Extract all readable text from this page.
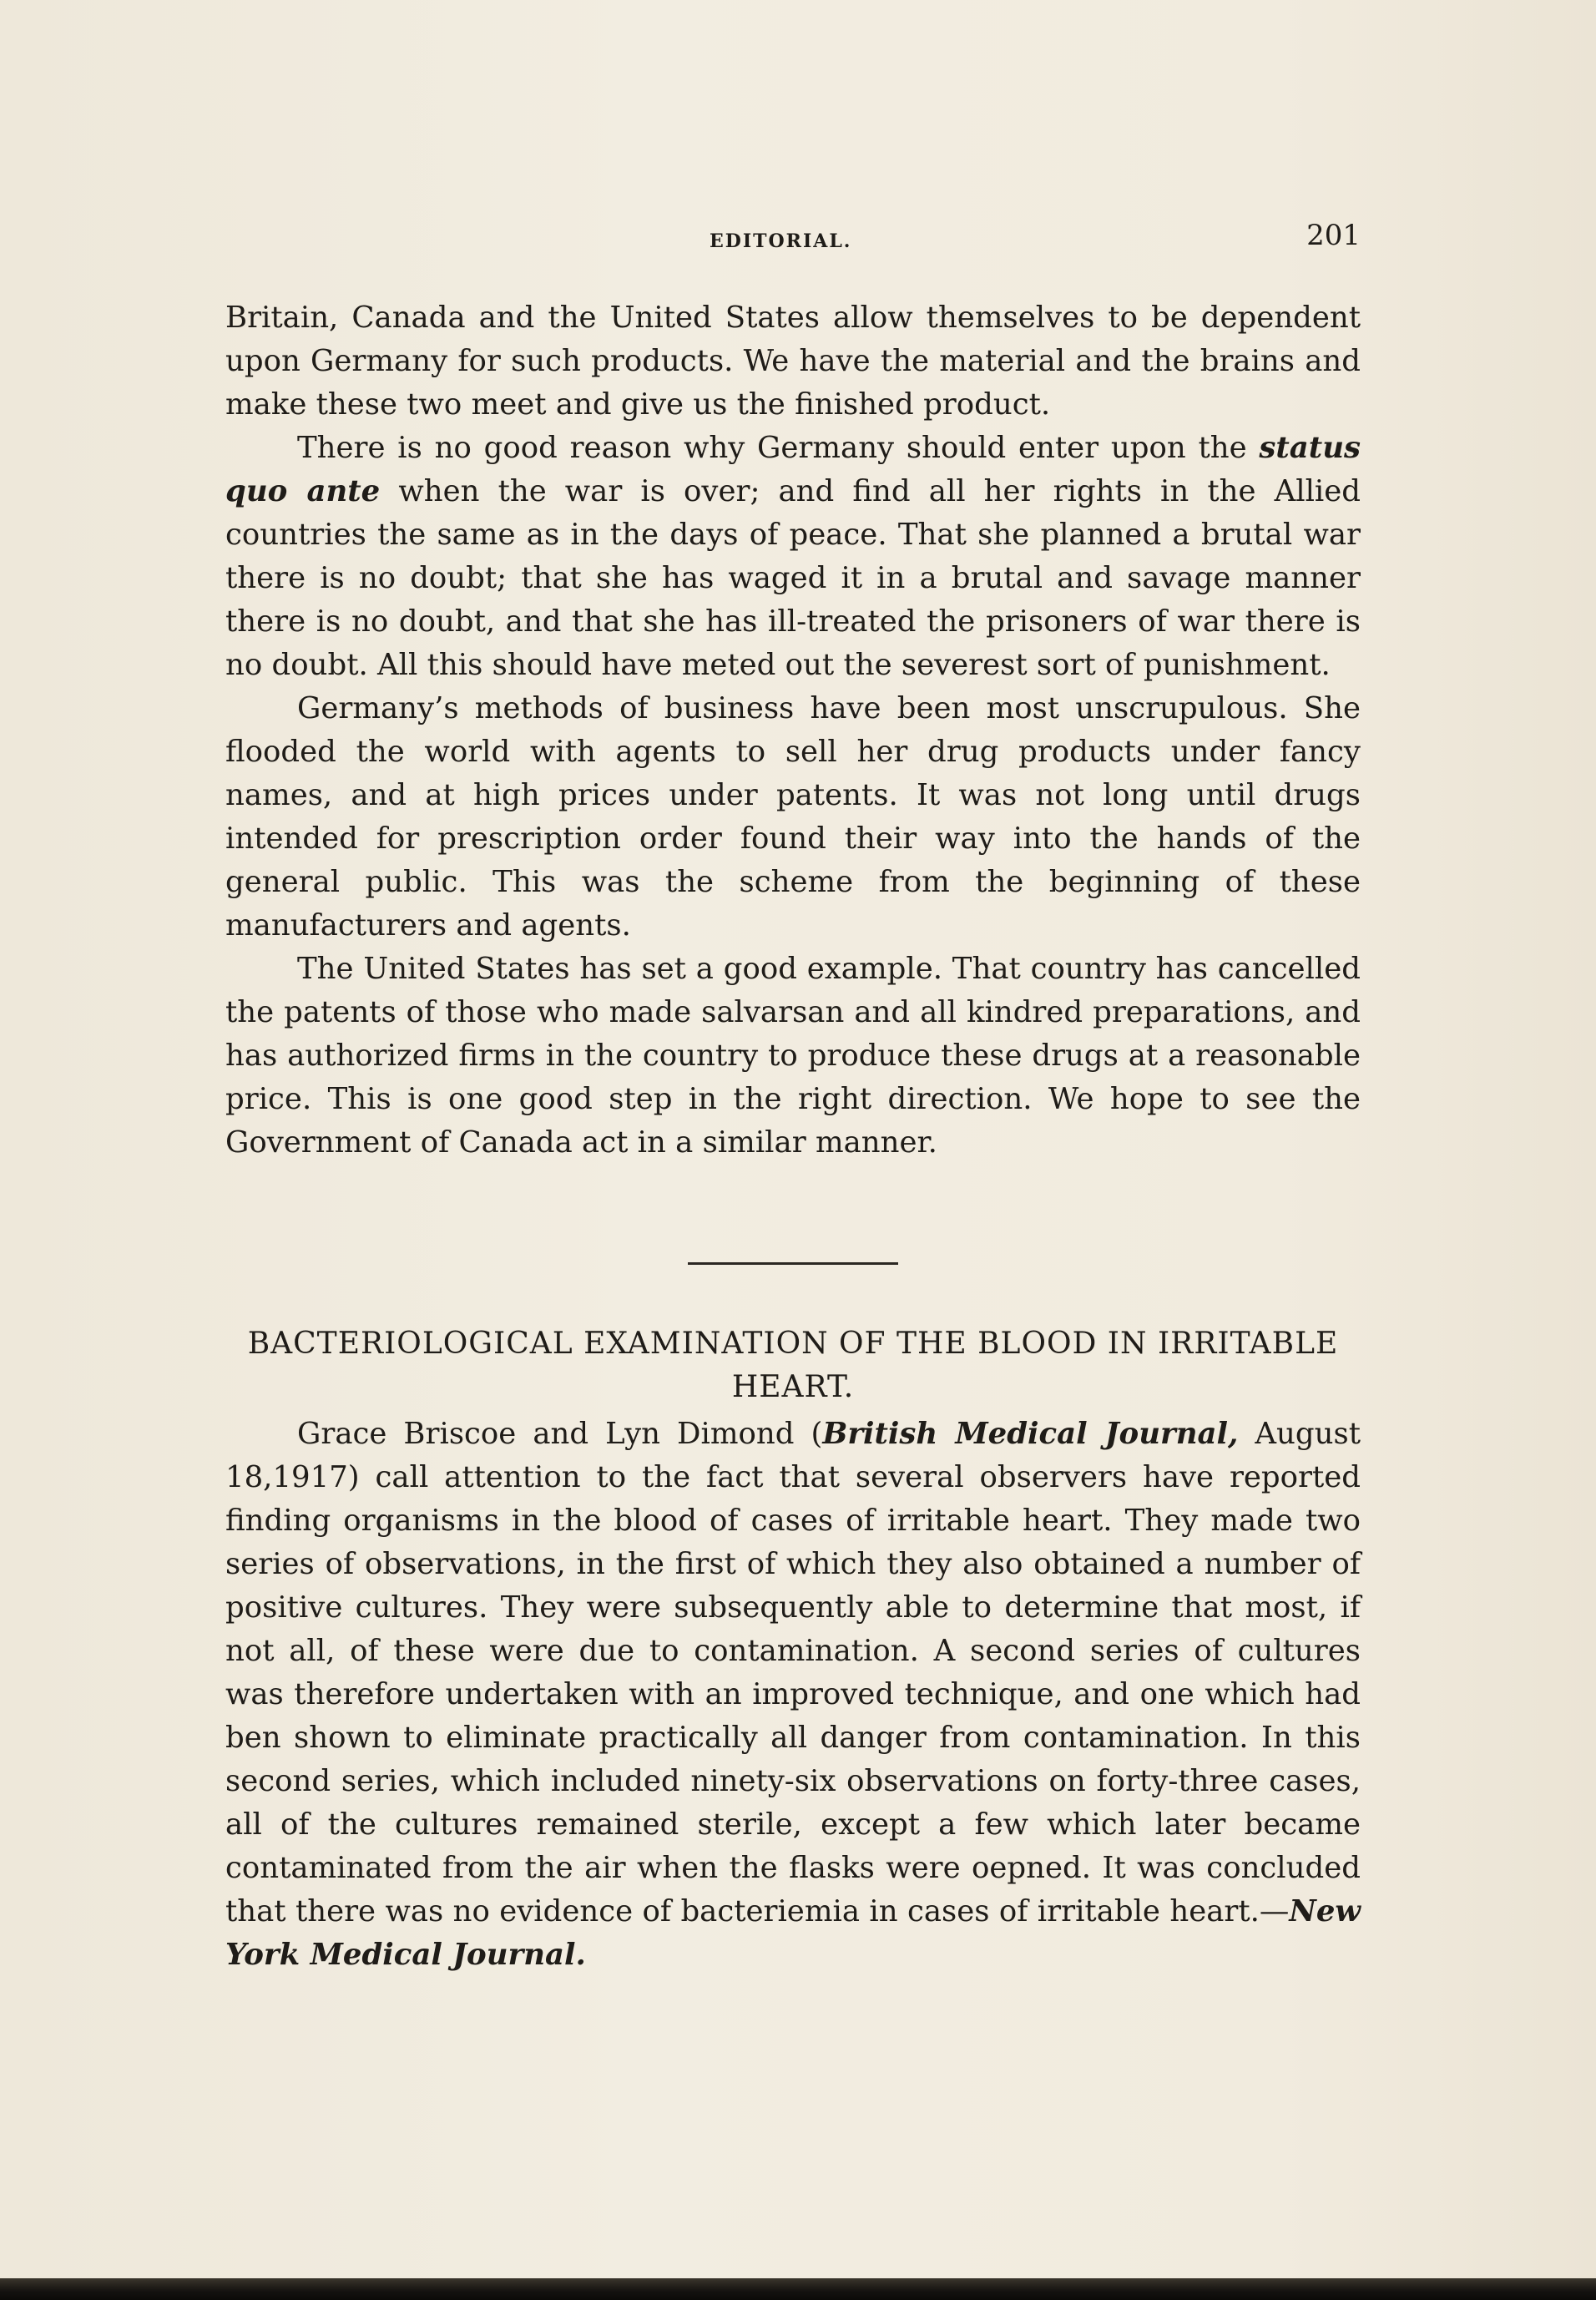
EDITORIAL.	201

Britain, Canada and the United States allow themselves to be dependent upon Germany for such products. We have the material and the brains and make these two meet and give us the finished product.

There is no good reason why Germany should enter upon the status quo ante when the war is over; and find all her rights in the Allied countries the same as in the days of peace. That she planned a brutal war there is no doubt; that she has waged it in a brutal and savage manner there is no doubt, and that she has ill-treated the prisoners of war there is no doubt. All this should have meted out the severest sort of punishment.

Germany’s methods of business have been most unscrupulous. She flooded the world with agents to sell her drug products under fancy names, and at high prices under patents. It was not long until drugs intended for prescription order found their way into the hands of the general public. This was the scheme from the beginning of these manufacturers and agents.

The United States has set a good example. That country has cancelled the patents of those who made salvarsan and all kindred preparations, and has authorized firms in the country to produce these drugs at a reasonable price. This is one good step in the right direction. We hope to see the Government of Canada act in a similar manner.

BACTERIOLOGICAL EXAMINATION OF THE BLOOD IN IRRITABLE HEART.

Grace Briscoe and Lyn Dimond (British Medical Journal, August 18,1917) call attention to the fact that several observers have reported finding organisms in the blood of cases of irritable heart. They made two series of observations, in the first of which they also obtained a number of positive cultures. They were subsequently able to determine that most, if not all, of these were due to contamination. A second series of cultures was therefore undertaken with an improved technique, and one which had ben shown to eliminate practically all danger from contamination. In this second series, which included ninety-six observations on forty-three cases, all of the cultures remained sterile, except a few which later became contaminated from the air when the flasks were oepned. It was concluded that there was no evidence of bacteriemia in cases of irritable heart.—New York Medical Journal.
